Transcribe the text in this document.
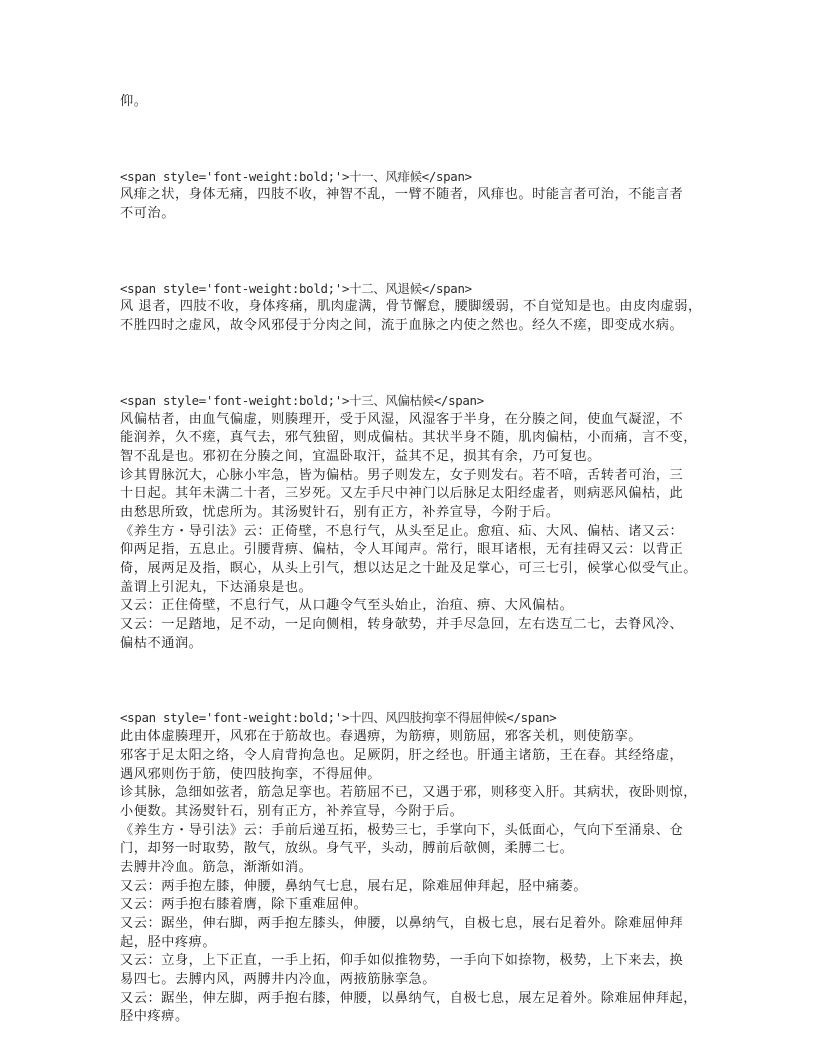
仰。
<span style='font-weight:bold;'>十一、风痱候</span>
风痱之状，身体无痛，四肢不收，神智不乱，一臂不随者，风痱也。时能言者可治，不能言者
不可治。
<span style='font-weight:bold;'>十二、风退候</span>
风 退者，四肢不收，身体疼痛，肌肉虚满，骨节懈怠，腰脚缓弱，不自觉知是也。由皮肉虚弱，
不胜四时之虚风，故令风邪侵于分肉之间，流于血脉之内使之然也。经久不瘥，即变成水病。
<span style='font-weight:bold;'>十三、风偏枯候</span>
风偏枯者，由血气偏虚，则腠理开，受于风湿，风湿客于半身，在分腠之间，使血气凝涩，不
能润养，久不瘥，真气去，邪气独留，则成偏枯。其状半身不随，肌肉偏枯，小而痛，言不变，
智不乱是也。邪初在分腠之间，宜温卧取汗，益其不足，损其有余，乃可复也。
诊其胃脉沉大，心脉小牢急，皆为偏枯。男子则发左，女子则发右。若不喑，舌转者可治，三
十日起。其年未满二十者，三岁死。又左手尺中神门以后脉足太阳经虚者，则病恶风偏枯，此
由愁思所致，忧虑所为。其汤熨针石，别有正方，补养宣导，今附于后。
《养生方・导引法》云：正倚壁，不息行气，从头至足止。愈疽、疝、大风、偏枯、诸又云：
仰两足指，五息止。引腰背痹、偏枯，令人耳闻声。常行，眼耳诸根，无有挂碍又云：以背正
倚，展两足及指，瞑心，从头上引气，想以达足之十趾及足掌心，可三七引，候掌心似受气止。
盖谓上引泥丸，下达涌泉是也。
又云：正住倚壁，不息行气，从口趣令气至头始止，治疽、痹、大风偏枯。
又云：一足踏地，足不动，一足向侧相，转身欹势，并手尽急回，左右迭互二七，去脊风冷、
偏枯不通润。
<span style='font-weight:bold;'>十四、风四肢拘挛不得屈伸候</span>
此由体虚腠理开，风邪在于筋故也。春遇痹，为筋痹，则筋屈，邪客关机，则使筋挛。
邪客于足太阳之络，令人肩背拘急也。足厥阴，肝之经也。肝通主诸筋，王在春。其经络虚，
遇风邪则伤于筋，使四肢拘挛，不得屈伸。
诊其脉，急细如弦者，筋急足挛也。若筋屈不已，又遇于邪，则移变入肝。其病状，夜卧则惊，
小便数。其汤熨针石，别有正方，补养宣导，今附于后。
《养生方・导引法》云：手前后递互拓，极势三七，手掌向下，头低面心，气向下至涌泉、仓
门，却努一时取势，散气，放纵。身气平，头动，膊前后欹侧，柔膊二七。
去膊井冷血。筋急，渐渐如消。
又云：两手抱左膝，伸腰，鼻纳气七息，展右足，除难屈伸拜起，胫中痛萎。
又云：两手抱右膝着膺，除下重难屈伸。
又云：踞坐，伸右脚，两手抱左膝头，伸腰，以鼻纳气，自极七息，展右足着外。除难屈伸拜
起，胫中疼痹。
又云：立身，上下正直，一手上拓，仰手如似推物势，一手向下如捺物，极势，上下来去，换
易四七。去膊内风，两膊井内冷血，两掖筋脉挛急。
又云：踞坐，伸左脚，两手抱右膝，伸腰，以鼻纳气，自极七息，展左足着外。除难屈伸拜起，
胫中疼痹。
